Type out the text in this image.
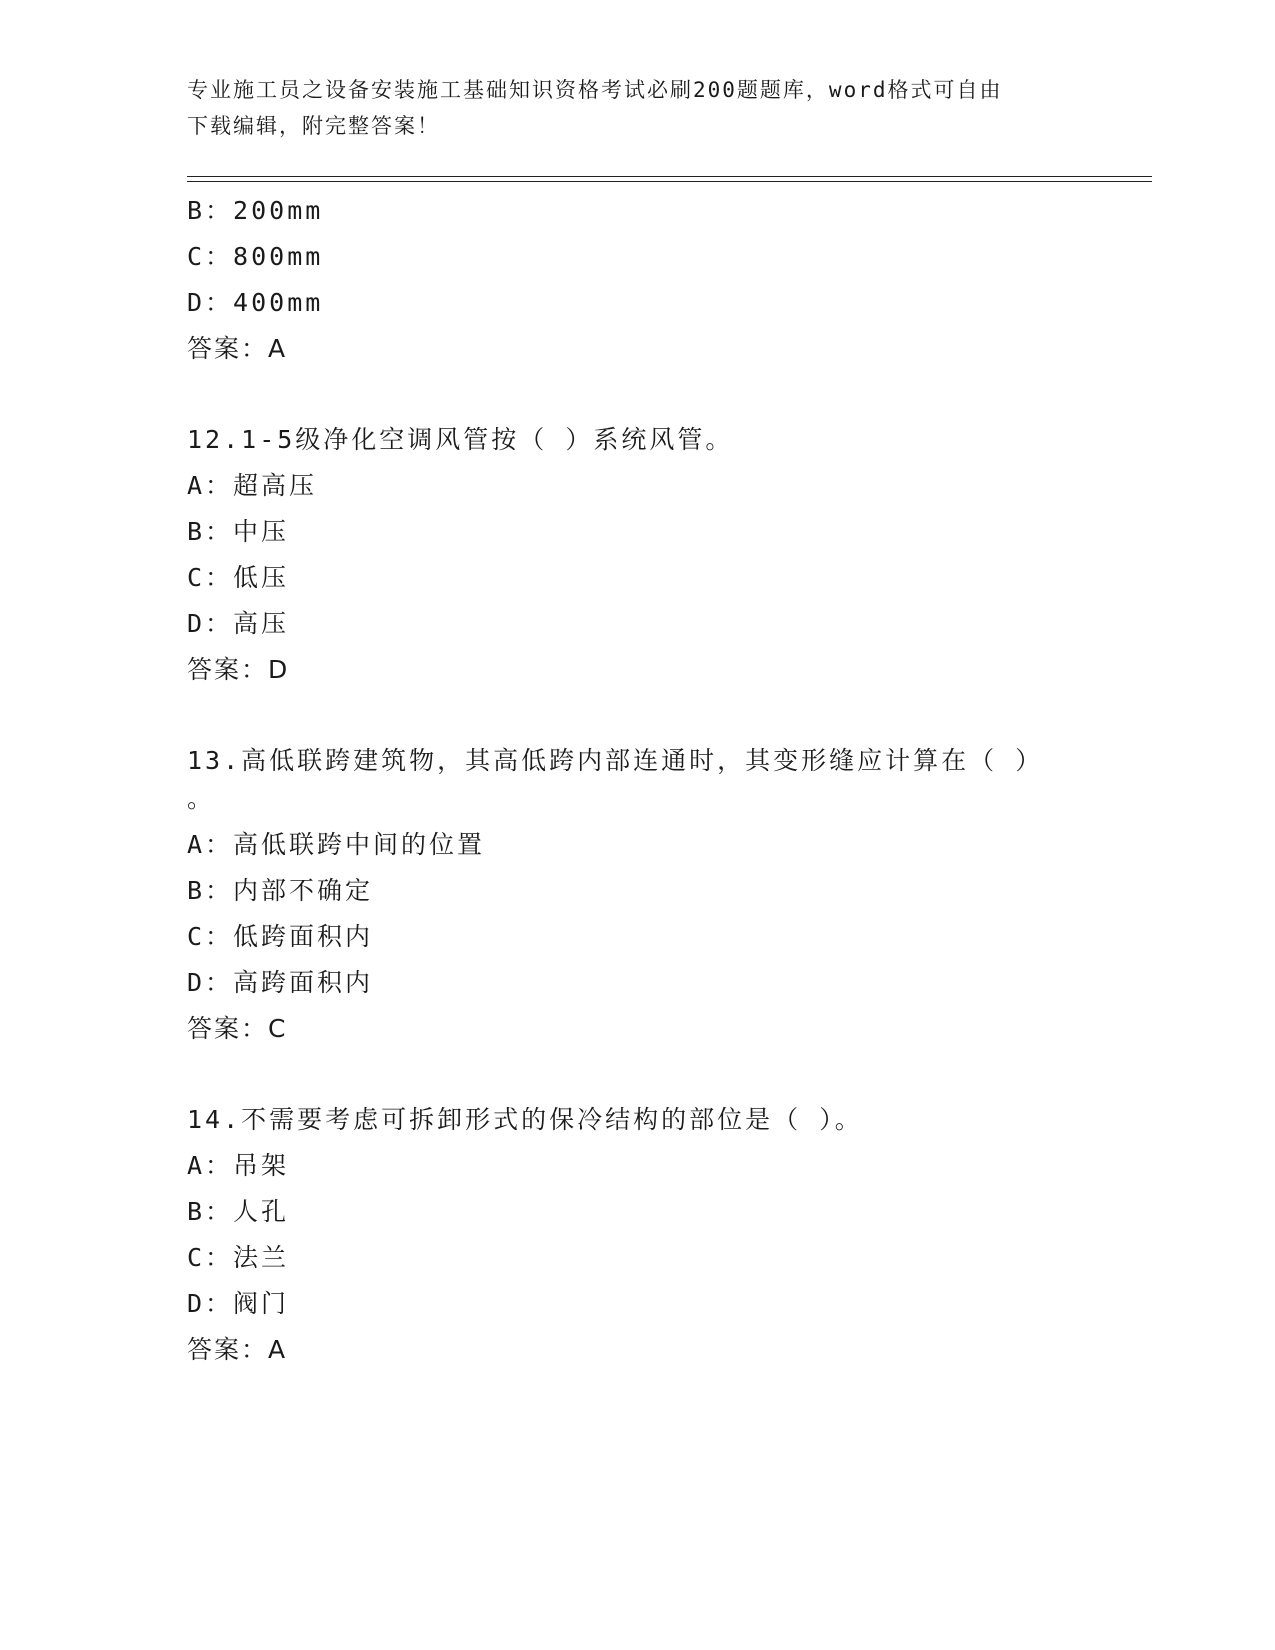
专业施工员之设备安装施工基础知识资格考试必刷200题题库，word格式可自由
下载编辑，附完整答案！
B：200mm
C：800mm
D：400mm
答案：A
12.1-5级净化空调风管按（ ）系统风管。
A：超高压
B：中压
C：低压
D：高压
答案：D
13.高低联跨建筑物，其高低跨内部连通时，其变形缝应计算在（ ）
。
A：高低联跨中间的位置
B：内部不确定
C：低跨面积内
D：高跨面积内
答案：C
14.不需要考虑可拆卸形式的保冷结构的部位是（ ）。
A：吊架
B：人孔
C：法兰
D：阀门
答案：A
